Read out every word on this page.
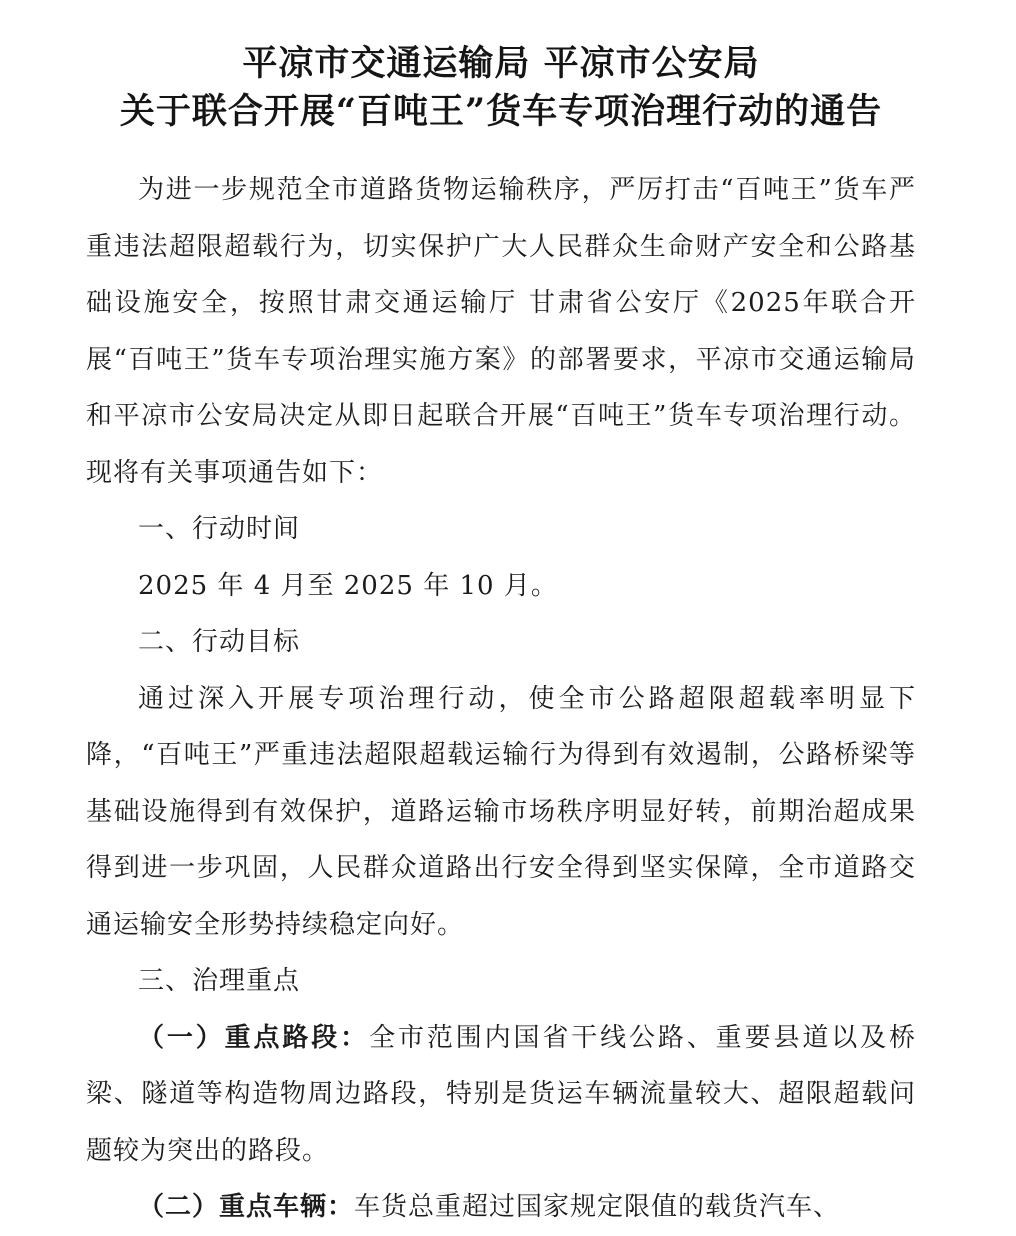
平凉市交通运输局 平凉市公安局
关于联合开展“百吨王”货车专项治理行动的通告

为进一步规范全市道路货物运输秩序，严厉打击“百吨王”货车严重违法超限超载行为，切实保护广大人民群众生命财产安全和公路基础设施安全，按照甘肃交通运输厅 甘肃省公安厅《2025年联合开展“百吨王”货车专项治理实施方案》的部署要求，平凉市交通运输局和平凉市公安局决定从即日起联合开展“百吨王”货车专项治理行动。现将有关事项通告如下：

一、行动时间

2025 年 4 月至 2025 年 10 月。

二、行动目标

通过深入开展专项治理行动，使全市公路超限超载率明显下降，“百吨王”严重违法超限超载运输行为得到有效遏制，公路桥梁等基础设施得到有效保护，道路运输市场秩序明显好转，前期治超成果得到进一步巩固，人民群众道路出行安全得到坚实保障，全市道路交通运输安全形势持续稳定向好。

三、治理重点

（一）重点路段：全市范围内国省干线公路、重要县道以及桥梁、隧道等构造物周边路段，特别是货运车辆流量较大、超限超载问题较为突出的路段。

（二）重点车辆：车货总重超过国家规定限值的载货汽车、
